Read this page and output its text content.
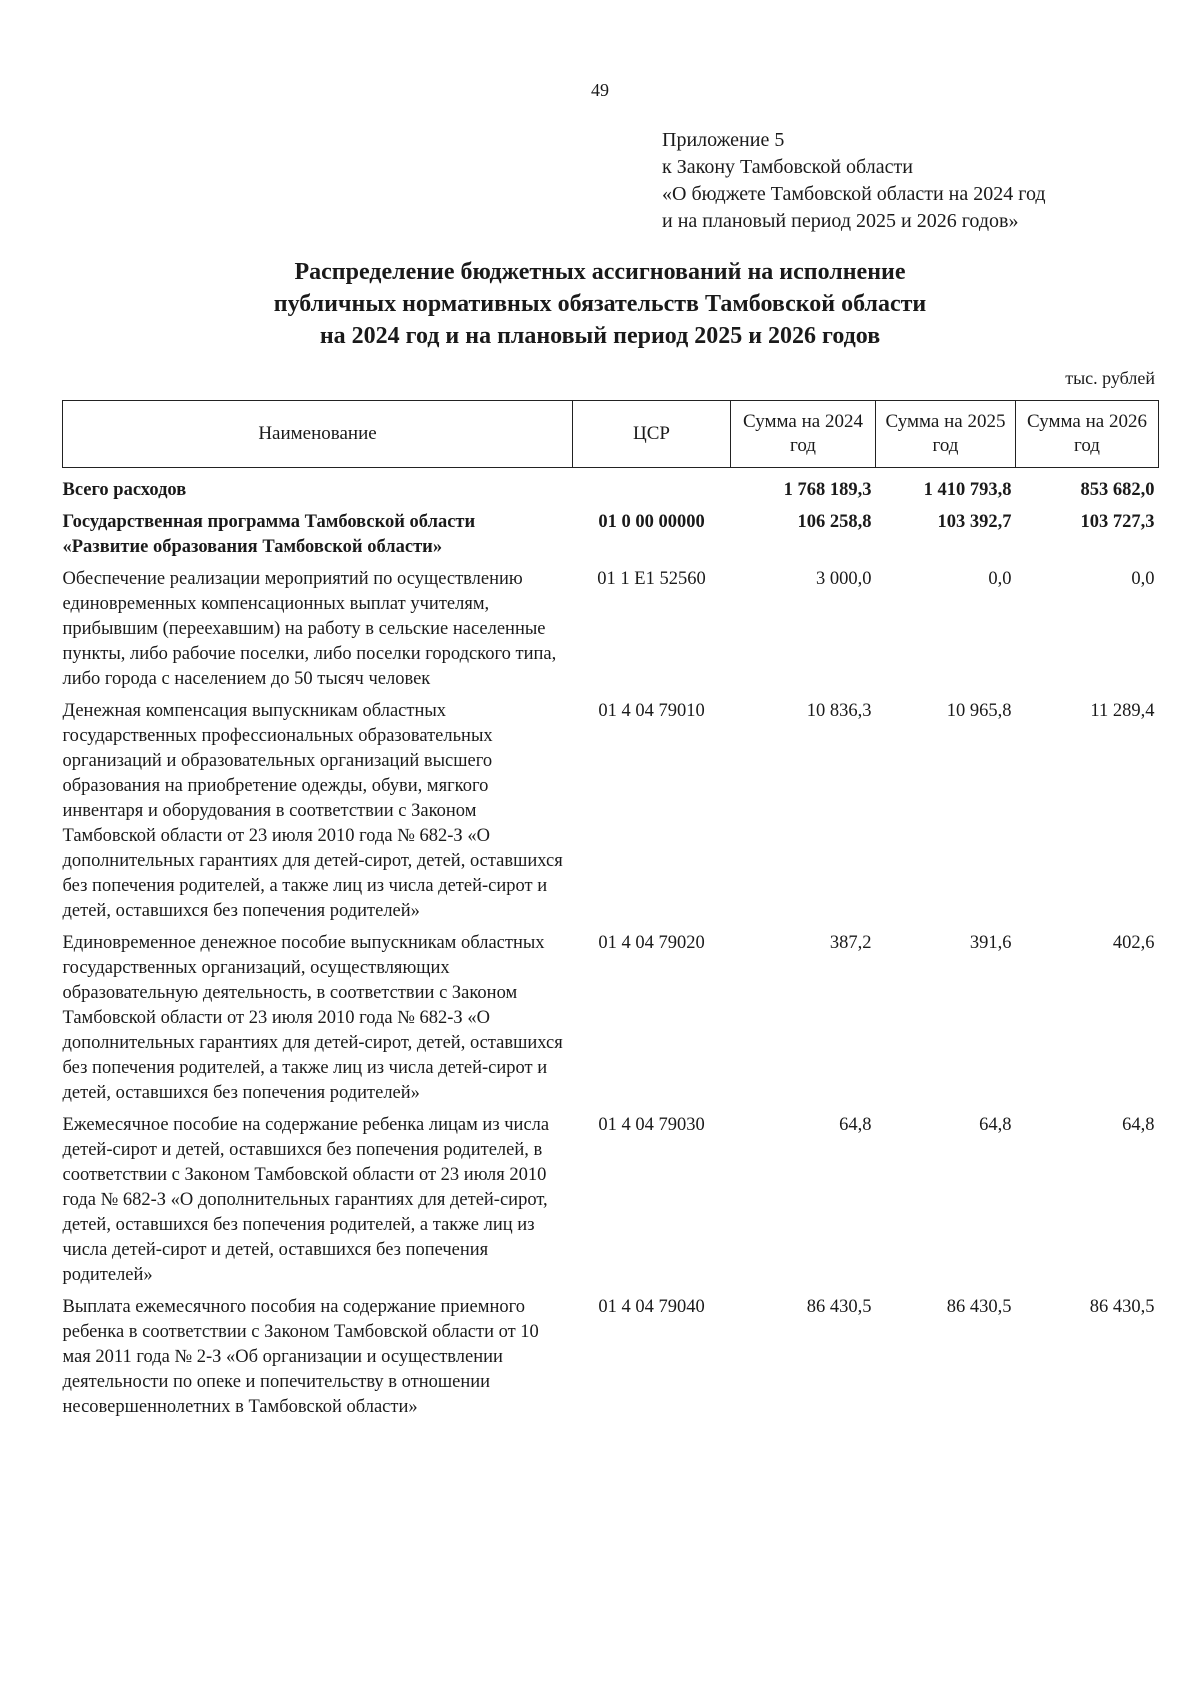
49
Приложение 5
к Закону Тамбовской области
«О бюджете Тамбовской области на 2024 год
и на плановый период 2025 и 2026 годов»
Распределение бюджетных ассигнований на исполнение
публичных нормативных обязательств Тамбовской области
на 2024 год и на плановый период 2025 и 2026 годов
тыс. рублей
Наименование	ЦСР	Сумма на 2024 год	Сумма на 2025 год	Сумма на 2026 год

Всего расходов		1 768 189,3	1 410 793,8	853 682,0
Государственная программа Тамбовской области «Развитие образования Тамбовской области»	01 0 00 00000	106 258,8	103 392,7	103 727,3
Обеспечение реализации мероприятий по осуществлению единовременных компенсационных выплат учителям, прибывшим (переехавшим) на работу в сельские населенные пункты, либо рабочие поселки, либо поселки городского типа, либо города с населением до 50 тысяч человек	01 1 E1 52560	3 000,0	0,0	0,0
Денежная компенсация выпускникам областных государственных профессиональных образовательных организаций и образовательных организаций высшего образования на приобретение одежды, обуви, мягкого инвентаря и оборудования в соответствии с Законом Тамбовской области от 23 июля 2010 года № 682-З «О дополнительных гарантиях для детей-сирот, детей, оставшихся без попечения родителей, а также лиц из числа детей-сирот и детей, оставшихся без попечения родителей»	01 4 04 79010	10 836,3	10 965,8	11 289,4
Единовременное денежное пособие выпускникам областных государственных организаций, осуществляющих образовательную деятельность, в соответствии с Законом Тамбовской области от 23 июля 2010 года № 682-З «О дополнительных гарантиях для детей-сирот, детей, оставшихся без попечения родителей, а также лиц из числа детей-сирот и детей, оставшихся без попечения родителей»	01 4 04 79020	387,2	391,6	402,6
Ежемесячное пособие на содержание ребенка лицам из числа детей-сирот и детей, оставшихся без попечения родителей, в соответствии с Законом Тамбовской области от 23 июля 2010 года № 682-З «О дополнительных гарантиях для детей-сирот, детей, оставшихся без попечения родителей, а также лиц из числа детей-сирот и детей, оставшихся без попечения родителей»	01 4 04 79030	64,8	64,8	64,8
Выплата ежемесячного пособия на содержание приемного ребенка в соответствии с Законом Тамбовской области от 10 мая 2011 года № 2-З «Об организации и осуществлении деятельности по опеке и попечительству в отношении несовершеннолетних в Тамбовской области»	01 4 04 79040	86 430,5	86 430,5	86 430,5
